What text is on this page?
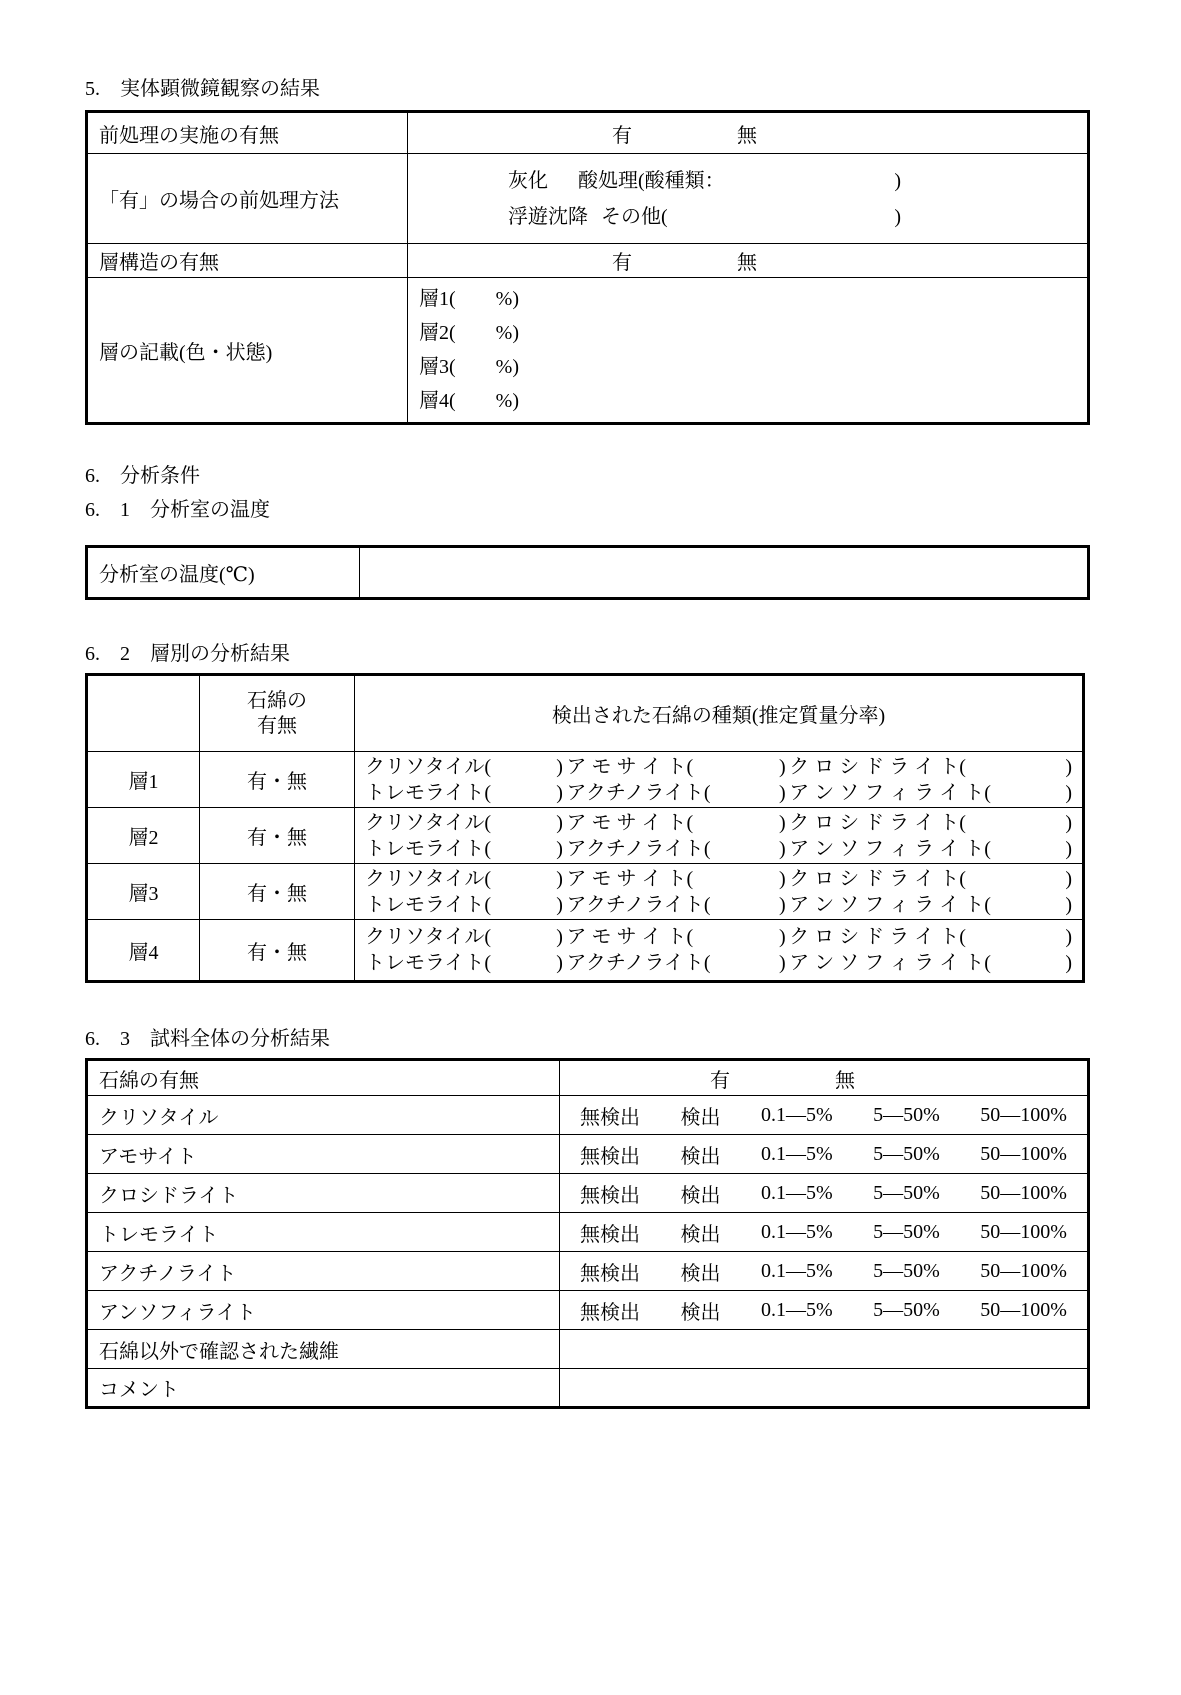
5.　実体顕微鏡観察の結果
前処理の実施の有無	有	無
「有」の場合の前処理方法
灰化 酸処理(酸種類：	)
浮遊沈降 その他(	)
層構造の有無	有	無
層の記載(色・状態)
層1(　　%)
層2(　　%)
層3(　　%)
層4(　　%)
6.　分析条件
6.　1　分析室の温度
分析室の温度(℃)
6.　2　層別の分析結果
石綿の
有無	検出された石綿の種類(推定質量分率)
層1	有・無
クリソタイル(	) ア モ サ イ ト(	) ク ロ シ ド ラ イ ト(	)
トレモライト(	) アクチノライト(	) ア ン ソ フ ィ ラ イ ト(	)
層2	有・無
クリソタイル(	) ア モ サ イ ト(	) ク ロ シ ド ラ イ ト(	)
トレモライト(	) アクチノライト(	) ア ン ソ フ ィ ラ イ ト(	)
層3	有・無
クリソタイル(	) ア モ サ イ ト(	) ク ロ シ ド ラ イ ト(	)
トレモライト(	) アクチノライト(	) ア ン ソ フ ィ ラ イ ト(	)
層4	有・無
クリソタイル(	) ア モ サ イ ト(	) ク ロ シ ド ラ イ ト(	)
トレモライト(	) アクチノライト(	) ア ン ソ フ ィ ラ イ ト(	)
6.　3　試料全体の分析結果
石綿の有無	有	無
クリソタイル	無検出 検出 0.1—5% 5—50% 50—100%
アモサイト	無検出 検出 0.1—5% 5—50% 50—100%
クロシドライト	無検出 検出 0.1—5% 5—50% 50—100%
トレモライト	無検出 検出 0.1—5% 5—50% 50—100%
アクチノライト	無検出 検出 0.1—5% 5—50% 50—100%
アンソフィライト	無検出 検出 0.1—5% 5—50% 50—100%
石綿以外で確認された繊維
コメント
